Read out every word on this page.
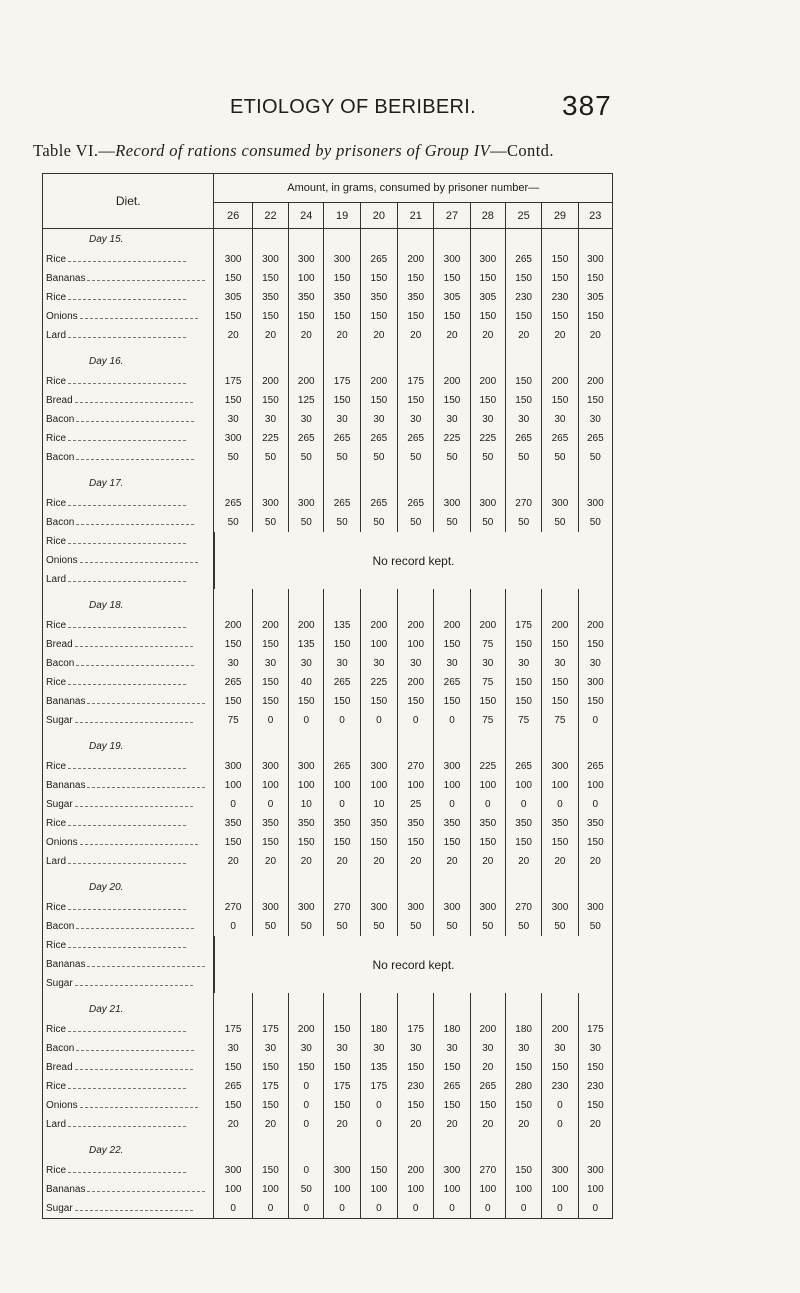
ETIOLOGY OF BERIBERI.	387
Table VI.—Record of rations consumed by prisoners of Group IV—Contd.
Diet.	Amount, in grams, consumed by prisoner number—										
	26	22	24	19	20	21	27	28	25	29	23
Day 15.											
Rice	300	300	300	300	265	200	300	300	265	150	300
Bananas	150	150	100	150	150	150	150	150	150	150	150
Rice	305	350	350	350	350	350	305	305	230	230	305
Onions	150	150	150	150	150	150	150	150	150	150	150
Lard	20	20	20	20	20	20	20	20	20	20	20

Day 16.											
Rice	175	200	200	175	200	175	200	200	150	200	200
Bread	150	150	125	150	150	150	150	150	150	150	150
Bacon	30	30	30	30	30	30	30	30	30	30	30
Rice	300	225	265	265	265	265	225	225	265	265	265
Bacon	50	50	50	50	50	50	50	50	50	50	50

Day 17.											
Rice	265	300	300	265	265	265	300	300	270	300	300
Bacon	50	50	50	50	50	50	50	50	50	50	50
Rice	No record kept.										
Onions											
Lard											

Day 18.											
Rice	200	200	200	135	200	200	200	200	175	200	200
Bread	150	150	135	150	100	100	150	75	150	150	150
Bacon	30	30	30	30	30	30	30	30	30	30	30
Rice	265	150	40	265	225	200	265	75	150	150	300
Bananas	150	150	150	150	150	150	150	150	150	150	150
Sugar	75	0	0	0	0	0	0	75	75	75	0

Day 19.											
Rice	300	300	300	265	300	270	300	225	265	300	265
Bananas	100	100	100	100	100	100	100	100	100	100	100
Sugar	0	0	10	0	10	25	0	0	0	0	0
Rice	350	350	350	350	350	350	350	350	350	350	350
Onions	150	150	150	150	150	150	150	150	150	150	150
Lard	20	20	20	20	20	20	20	20	20	20	20

Day 20.											
Rice	270	300	300	270	300	300	300	300	270	300	300
Bacon	0	50	50	50	50	50	50	50	50	50	50
Rice	No record kept.										
Bananas											
Sugar											

Day 21.											
Rice	175	175	200	150	180	175	180	200	180	200	175
Bacon	30	30	30	30	30	30	30	30	30	30	30
Bread	150	150	150	150	135	150	150	20	150	150	150
Rice	265	175	0	175	175	230	265	265	280	230	230
Onions	150	150	0	150	0	150	150	150	150	0	150
Lard	20	20	0	20	0	20	20	20	20	0	20

Day 22.											
Rice	300	150	0	300	150	200	300	270	150	300	300
Bananas	100	100	50	100	100	100	100	100	100	100	100
Sugar	0	0	0	0	0	0	0	0	0	0	0
